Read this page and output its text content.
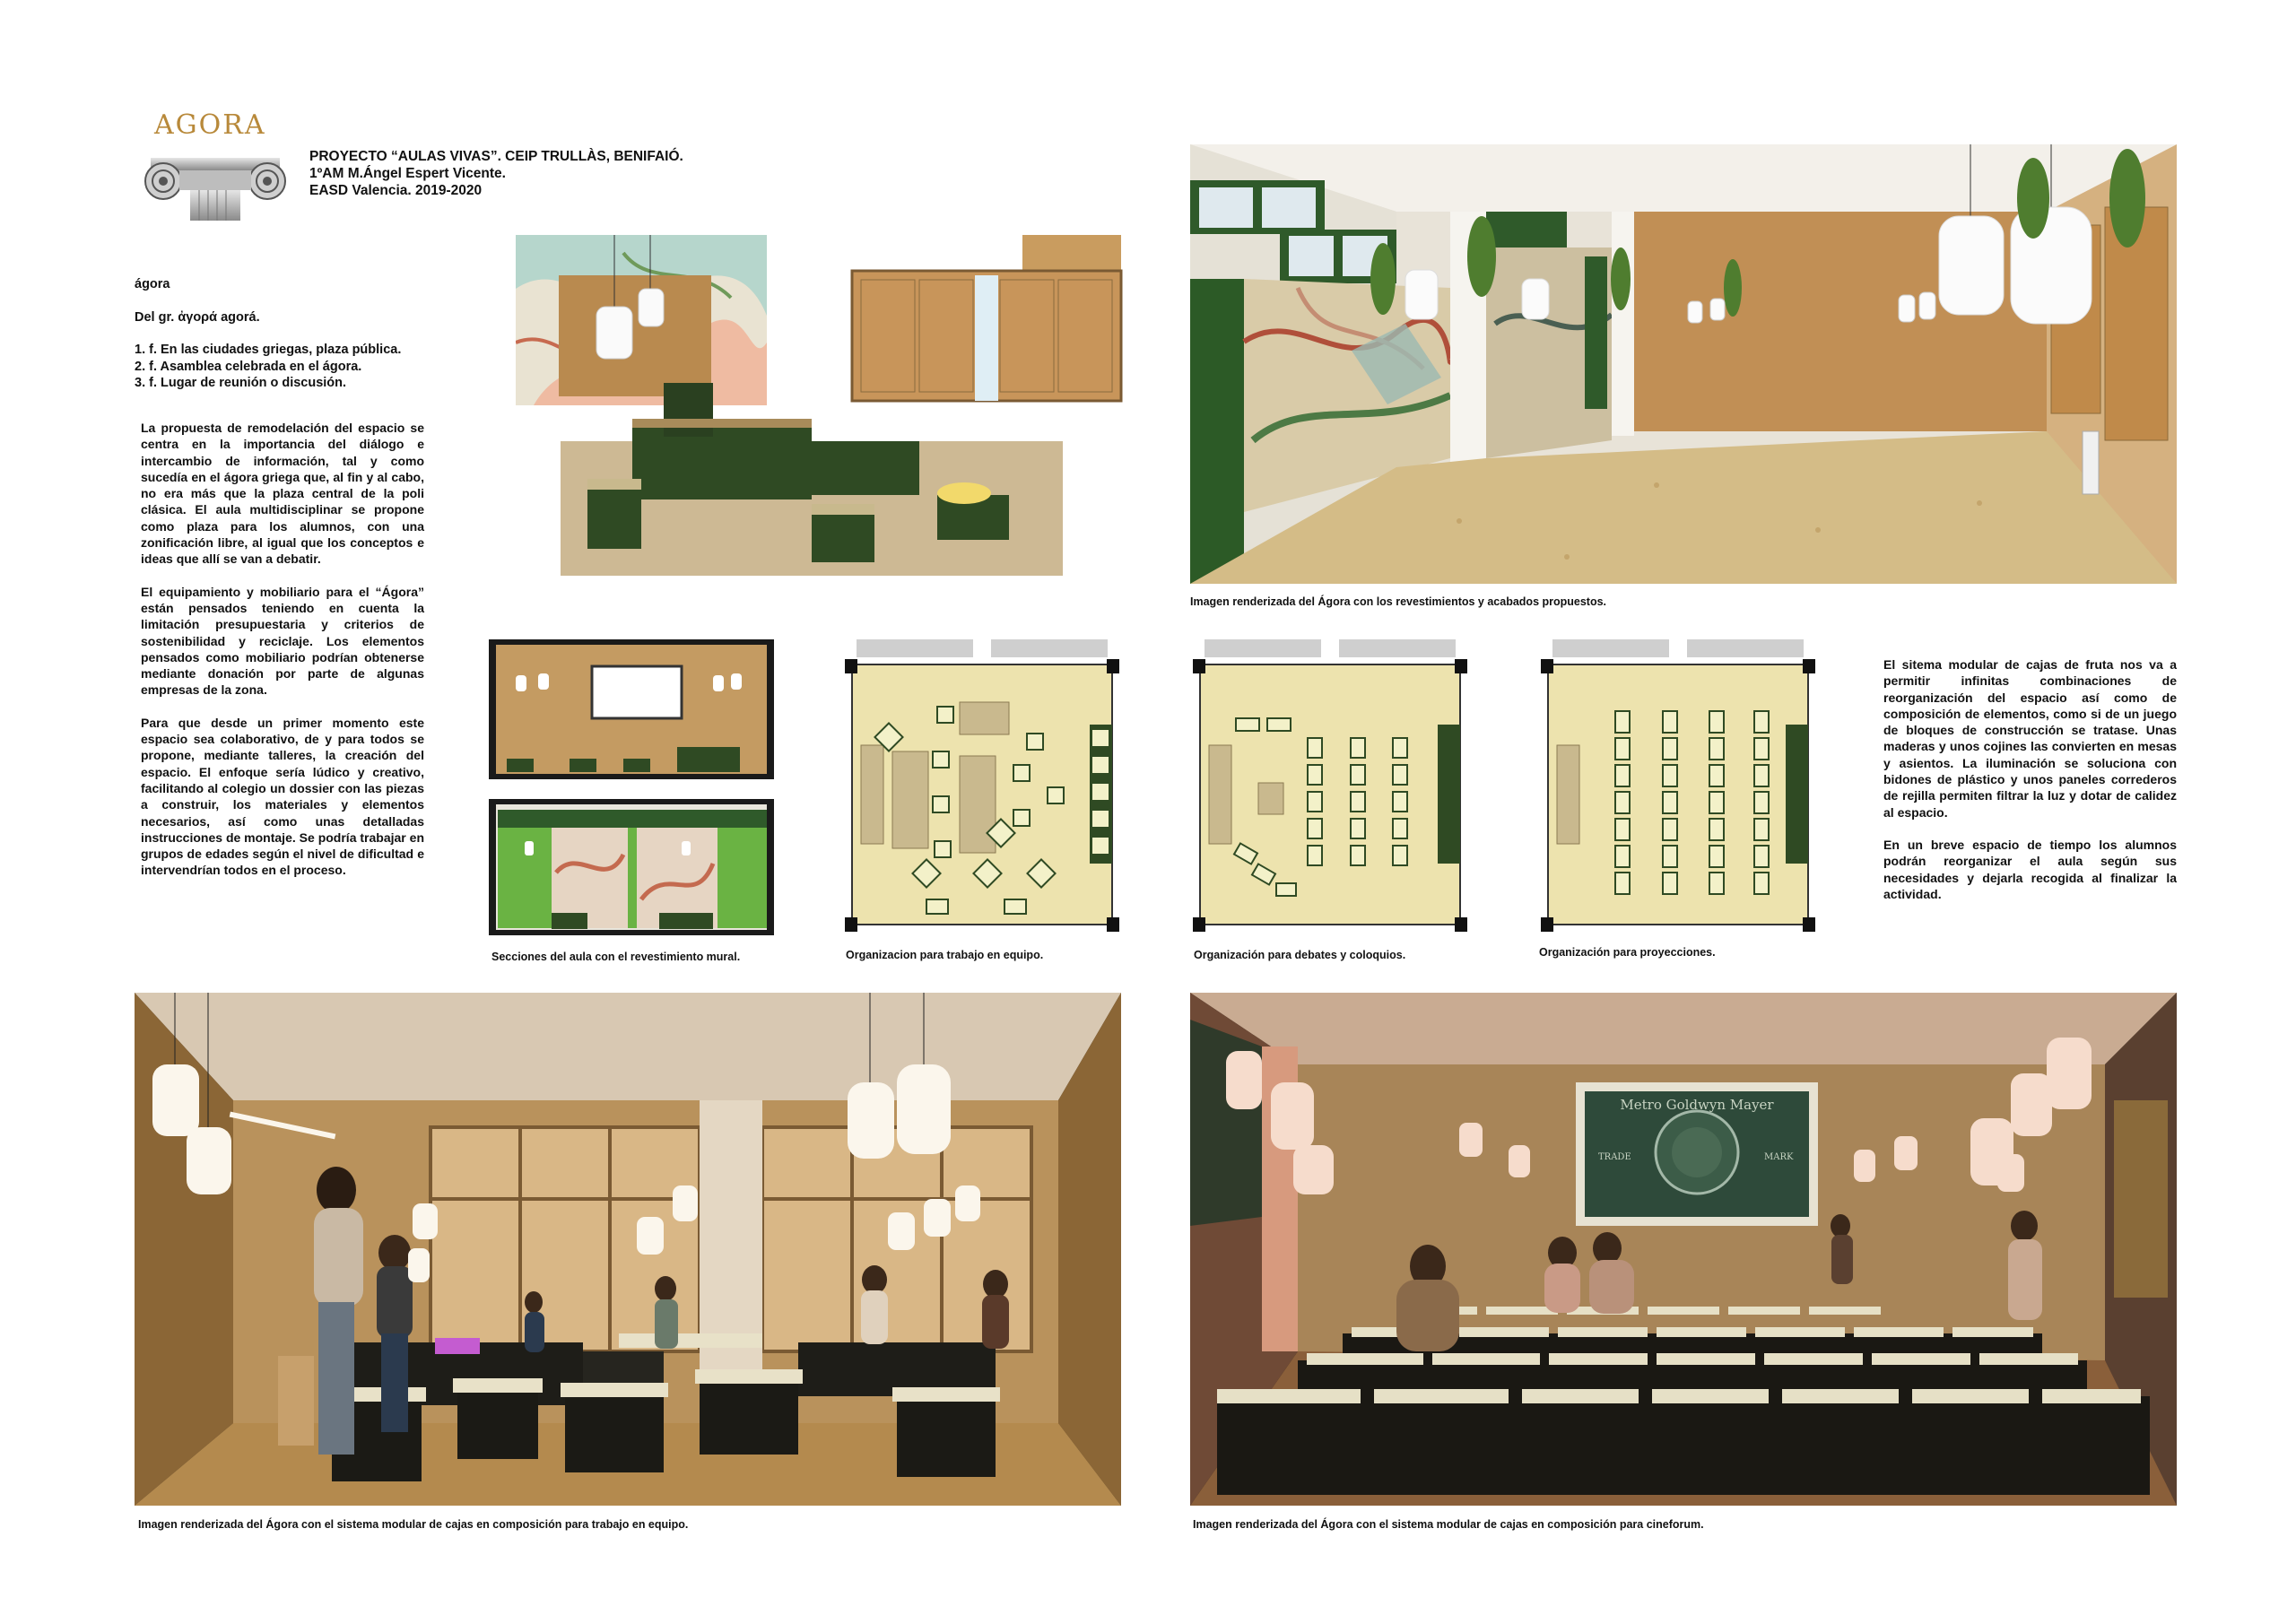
AGORA
PROYECTO “AULAS VIVAS”. CEIP TRULLÀS, BENIFAIÓ.
1ºAM M.Ángel Espert Vicente.
EASD Valencia. 2019-2020
ágora
Del gr. ἀγορά agorá.
1. f. En las ciudades griegas, plaza pública.
2. f. Asamblea celebrada en el ágora.
3. f. Lugar de reunión o discusión.

La propuesta de remodelación del espacio se centra en la importancia del diálogo e intercambio de información, tal y como sucedía en el ágora griega que, al fin y al cabo, no era más que la plaza central de la poli clásica. El aula multidisciplinar se propone como plaza para los alumnos, con una zonificación libre, al igual que los conceptos e ideas que allí se van a debatir.

El equipamiento y mobiliario para el “Ágora” están pensados teniendo en cuenta la limitación presupuestaria y criterios de sostenibilidad y reciclaje. Los elementos pensados como mobiliario podrían obtenerse mediante donación por parte de algunas empresas de la zona.

Para que desde un primer momento este espacio sea colaborativo, de y para todos se propone, mediante talleres, la creación del espacio. El enfoque sería lúdico y creativo, facilitando al colegio un dossier con las piezas a construir, los materiales y elementos necesarios, así como unas detalladas instrucciones de montaje. Se podría trabajar en grupos de edades según el nivel de dificultad e intervendrían todos en el proceso.

Imagen renderizada del Ágora con los revestimientos y acabados propuestos.
Secciones del aula con el revestimiento mural.	Organizacion para trabajo en equipo.	Organización para debates y coloquios.	Organización para proyecciones.

El sitema modular de cajas de fruta nos va a permitir infinitas combinaciones de reorganización del espacio así como de composición de elementos, como si de un juego de bloques de construcción se tratase. Unas maderas y unos cojines las convierten en mesas y asientos. La iluminación se soluciona con bidones de plástico y unos paneles correderos de rejilla permiten filtrar la luz y dotar de calidez al espacio.

En un breve espacio de tiempo los alumnos podrán reorganizar el aula según sus necesidades y dejarla recogida al finalizar la actividad.

Imagen renderizada del Ágora con el sistema modular de cajas en composición para trabajo en equipo.
Metro Goldwyn Mayer
TRADE	MARK
Imagen renderizada del Ágora con el sistema modular de cajas en composición para cineforum.
